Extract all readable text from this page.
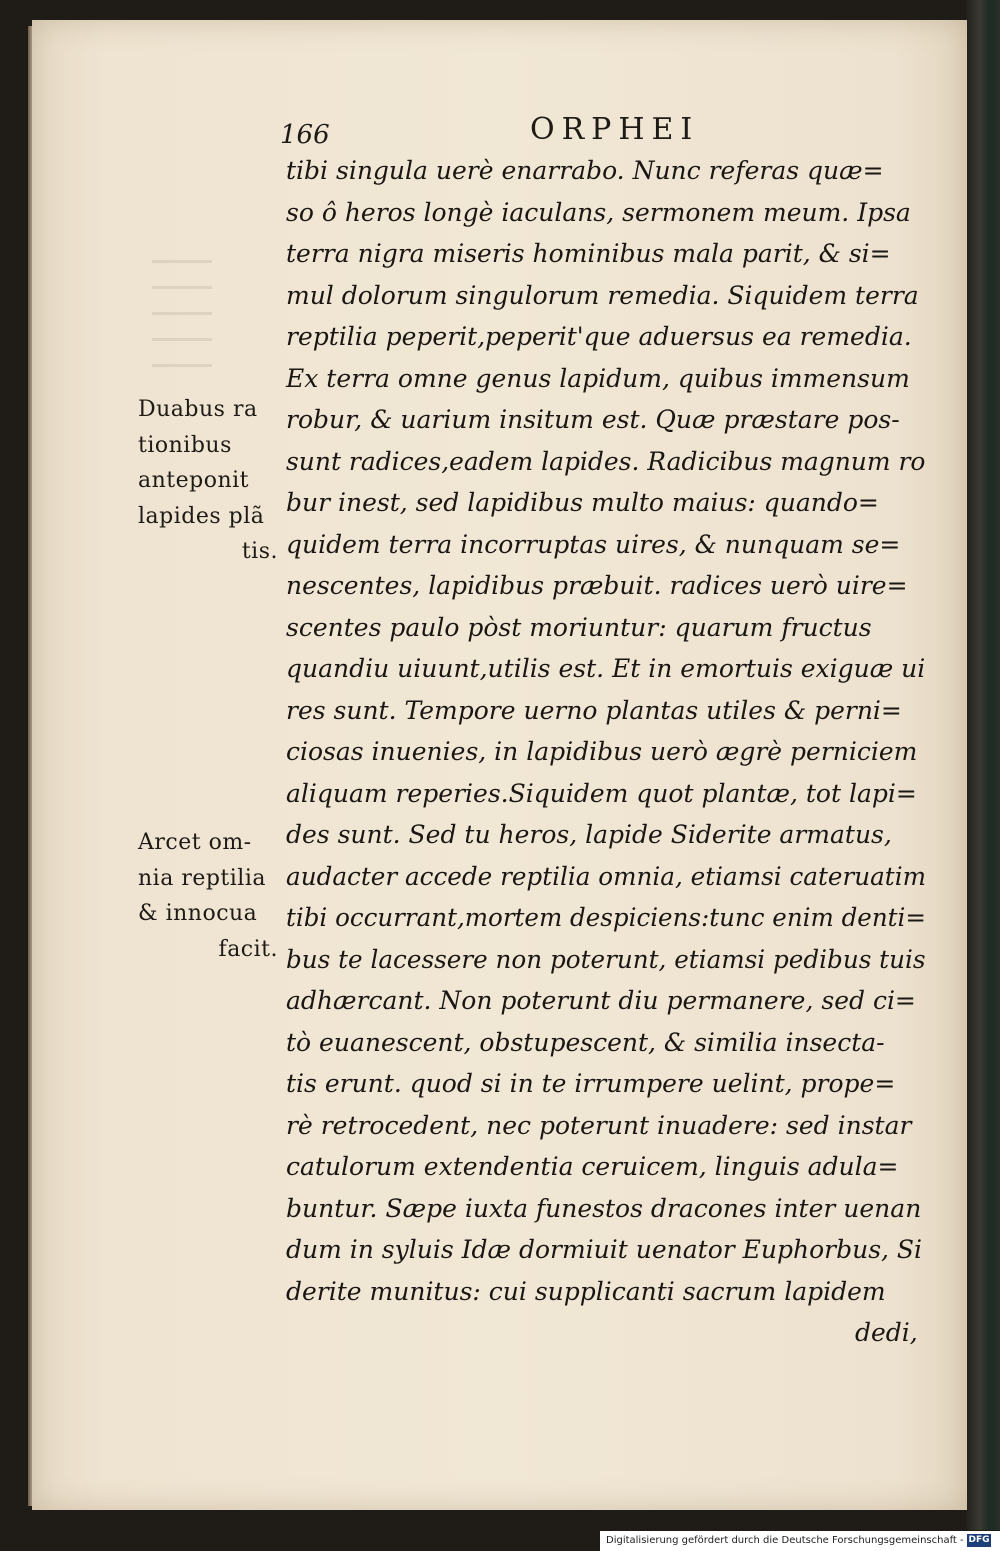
166	ORPHEI
Duabus ra
tionibus
anteponit
lapides plã
tis.
Arcet om-
nia reptilia
& innocua
facit.
tibi singula uerè enarrabo. Nunc referas quæ=
so ô heros longè iaculans, sermonem meum. Ipsa
terra nigra miseris hominibus mala parit, & si=
mul dolorum singulorum remedia. Siquidem terra
reptilia peperit,peperit'que aduersus ea remedia.
Ex terra omne genus lapidum, quibus immensum
robur, & uarium insitum est. Quæ præstare pos-
sunt radices,eadem lapides. Radicibus magnum ro
bur inest, sed lapidibus multo maius: quando=
quidem terra incorruptas uires, & nunquam se=
nescentes, lapidibus præbuit. radices uerò uire=
scentes paulo pòst moriuntur: quarum fructus
quandiu uiuunt,utilis est. Et in emortuis exiguæ ui
res sunt. Tempore uerno plantas utiles & perni=
ciosas inuenies, in lapidibus uerò ægrè perniciem
aliquam reperies.Siquidem quot plantæ, tot lapi=
des sunt. Sed tu heros, lapide Siderite armatus,
audacter accede reptilia omnia, etiamsi cateruatim
tibi occurrant,mortem despiciens:tunc enim denti=
bus te lacessere non poterunt, etiamsi pedibus tuis
adhærcant. Non poterunt diu permanere, sed ci=
tò euanescent, obstupescent, & similia insecta-
tis erunt. quod si in te irrumpere uelint, prope=
rè retrocedent, nec poterunt inuadere: sed instar
catulorum extendentia ceruicem, linguis adula=
buntur. Sæpe iuxta funestos dracones inter uenan
dum in syluis Idæ dormiuit uenator Euphorbus, Si
derite munitus: cui supplicanti sacrum lapidem
dedi,
Digitalisierung gefördert durch die Deutsche Forschungsgemeinschaft - DFG
